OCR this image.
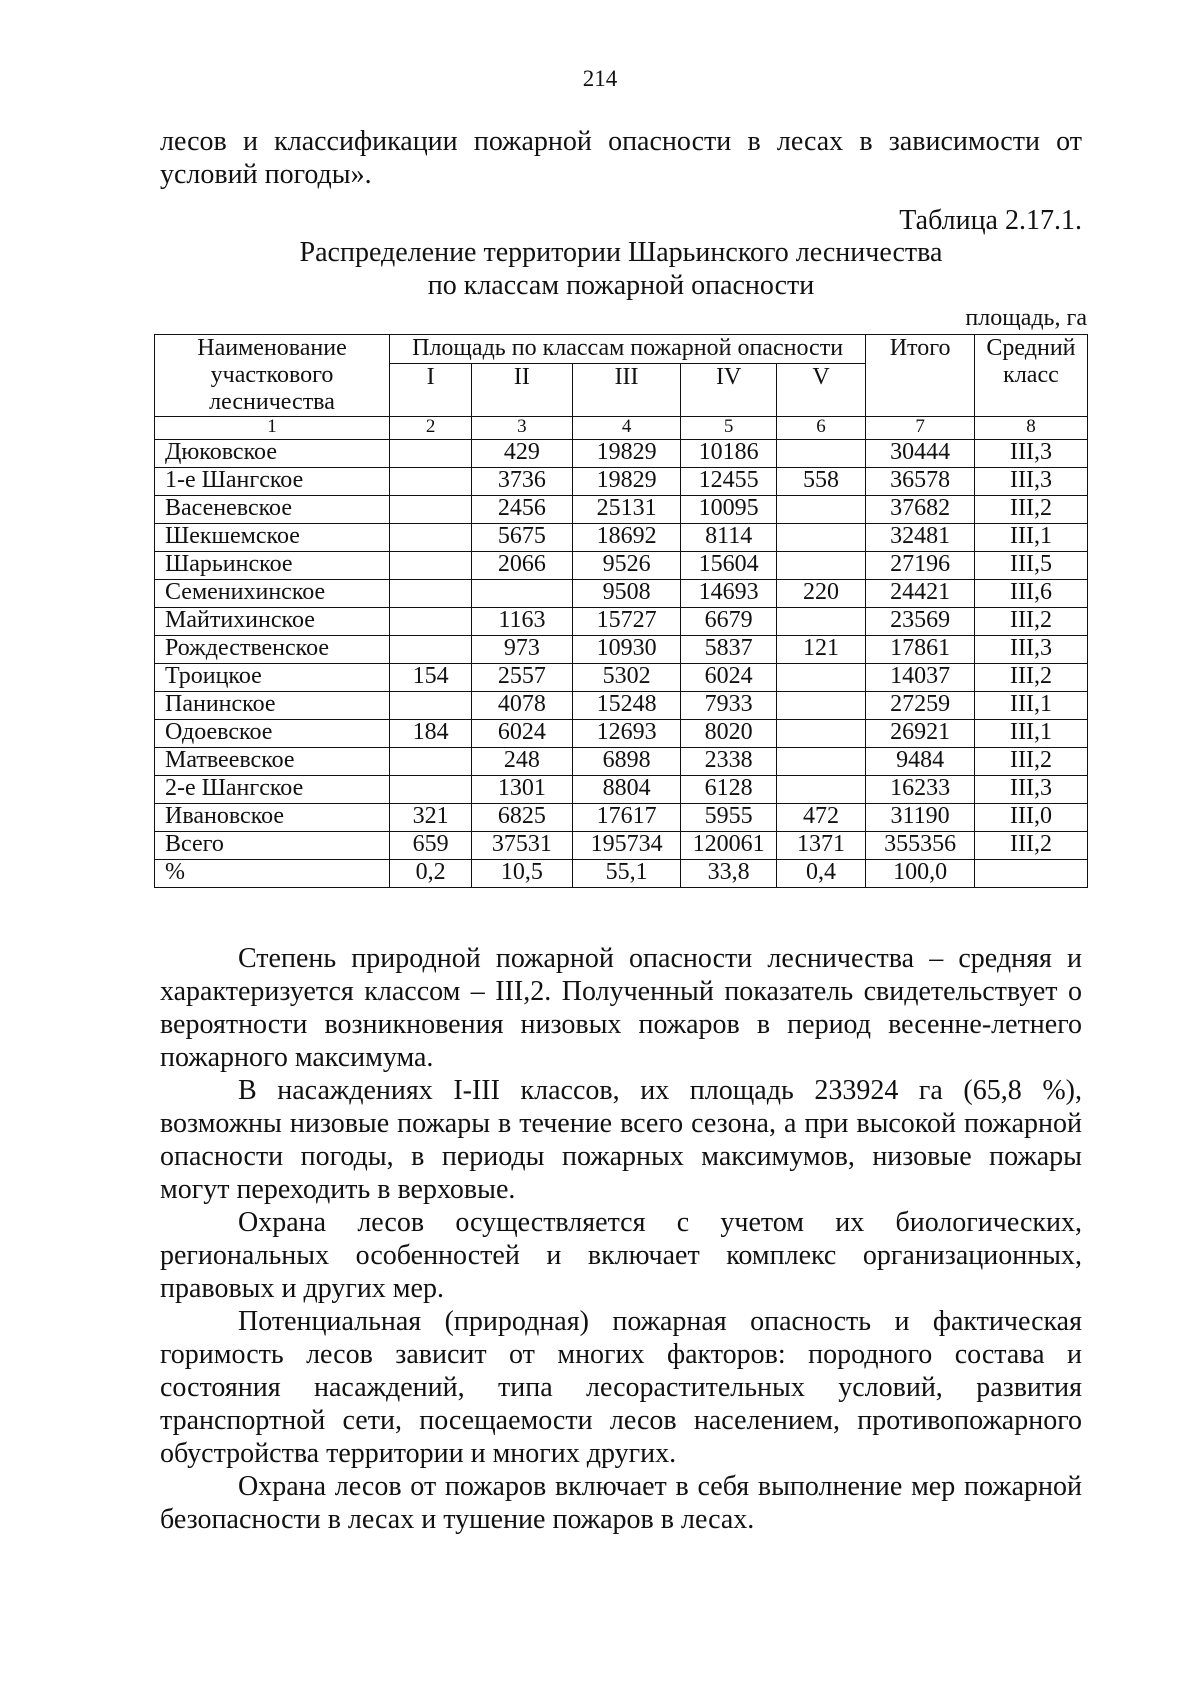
214

лесов и классификации пожарной опасности в лесах в зависимости от условий погоды».

Таблица 2.17.1.
Распределение территории Шарьинского лесничества
по классам пожарной опасности
площадь, га
Наименование участкового лесничества	Площадь по классам пожарной опасности					Итого	Средний класс
	I	II	III	IV	V		
1	2	3	4	5	6	7	8
Дюковское		429	19829	10186		30444	III,3
1-е Шангское		3736	19829	12455	558	36578	III,3
Васеневское		2456	25131	10095		37682	III,2
Шекшемское		5675	18692	8114		32481	III,1
Шарьинское		2066	9526	15604		27196	III,5
Семенихинское			9508	14693	220	24421	III,6
Майтихинское		1163	15727	6679		23569	III,2
Рождественское		973	10930	5837	121	17861	III,3
Троицкое	154	2557	5302	6024		14037	III,2
Панинское		4078	15248	7933		27259	III,1
Одоевское	184	6024	12693	8020		26921	III,1
Матвеевское		248	6898	2338		9484	III,2
2-е Шангское		1301	8804	6128		16233	III,3
Ивановское	321	6825	17617	5955	472	31190	III,0
Всего	659	37531	195734	120061	1371	355356	III,2
%	0,2	10,5	55,1	33,8	0,4	100,0	

Степень природной пожарной опасности лесничества – средняя и характеризуется классом – III,2. Полученный показатель свидетельствует о вероятности возникновения низовых пожаров в период весенне-летнего пожарного максимума.

В насаждениях I-III классов, их площадь 233924 га (65,8 %), возможны низовые пожары в течение всего сезона, а при высокой пожарной опасности погоды, в периоды пожарных максимумов, низовые пожары могут переходить в верховые.

Охрана лесов осуществляется с учетом их биологических, региональных особенностей и включает комплекс организационных, правовых и других мер.

Потенциальная (природная) пожарная опасность и фактическая горимость лесов зависит от многих факторов: породного состава и состояния насаждений, типа лесорастительных условий, развития транспортной сети, посещаемости лесов населением, противопожарного обустройства территории и многих других.

Охрана лесов от пожаров включает в себя выполнение мер пожарной безопасности в лесах и тушение пожаров в лесах.
